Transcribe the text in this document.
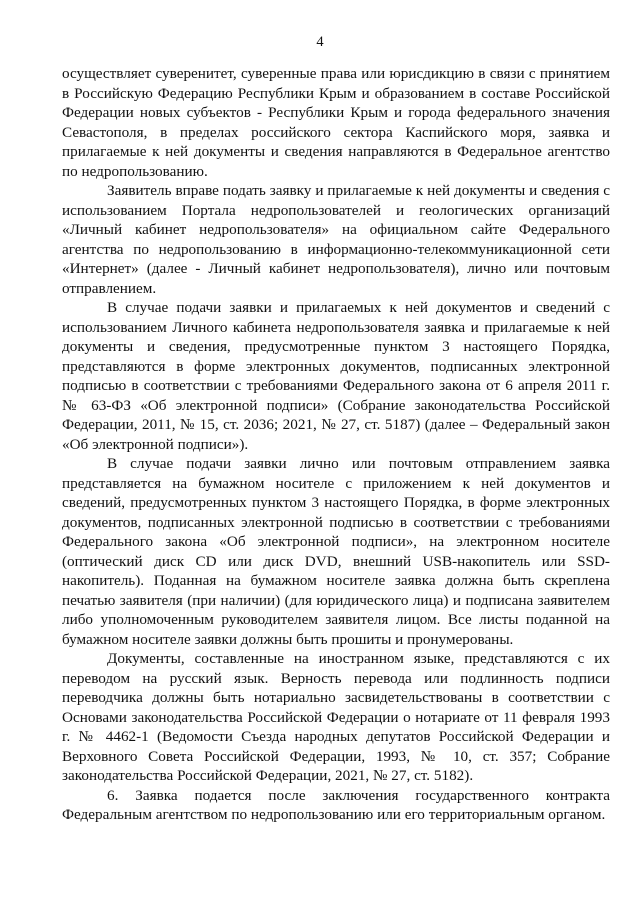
4

осуществляет суверенитет, суверенные права или юрисдикцию в связи с принятием в Российскую Федерацию Республики Крым и образованием в составе Российской Федерации новых субъектов - Республики Крым и города федерального значения Севастополя, в пределах российского сектора Каспийского моря, заявка и прилагаемые к ней документы и сведения направляются в Федеральное агентство по недропользованию.

Заявитель вправе подать заявку и прилагаемые к ней документы и сведения с использованием Портала недропользователей и геологических организаций «Личный кабинет недропользователя» на официальном сайте Федерального агентства по недропользованию в информационно-телекоммуникационной сети «Интернет» (далее - Личный кабинет недропользователя), лично или почтовым отправлением.

В случае подачи заявки и прилагаемых к ней документов и сведений с использованием Личного кабинета недропользователя заявка и прилагаемые к ней документы и сведения, предусмотренные пунктом 3 настоящего Порядка, представляются в форме электронных документов, подписанных электронной подписью в соответствии с требованиями Федерального закона от 6 апреля 2011 г. № 63-ФЗ «Об электронной подписи» (Собрание законодательства Российской Федерации, 2011, № 15, ст. 2036; 2021, № 27, ст. 5187) (далее – Федеральный закон «Об электронной подписи»).

В случае подачи заявки лично или почтовым отправлением заявка представляется на бумажном носителе с приложением к ней документов и сведений, предусмотренных пунктом 3 настоящего Порядка, в форме электронных документов, подписанных электронной подписью в соответствии с требованиями Федерального закона «Об электронной подписи», на электронном носителе (оптический диск CD или диск DVD, внешний USB-накопитель или SSD-накопитель). Поданная на бумажном носителе заявка должна быть скреплена печатью заявителя (при наличии) (для юридического лица) и подписана заявителем либо уполномоченным руководителем заявителя лицом. Все листы поданной на бумажном носителе заявки должны быть прошиты и пронумерованы.

Документы, составленные на иностранном языке, представляются с их переводом на русский язык. Верность перевода или подлинность подписи переводчика должны быть нотариально засвидетельствованы в соответствии с Основами законодательства Российской Федерации о нотариате от 11 февраля 1993 г. № 4462-1 (Ведомости Съезда народных депутатов Российской Федерации и Верховного Совета Российской Федерации, 1993, № 10, ст. 357; Собрание законодательства Российской Федерации, 2021, № 27, ст. 5182).

6. Заявка подается после заключения государственного контракта Федеральным агентством по недропользованию или его территориальным органом.
